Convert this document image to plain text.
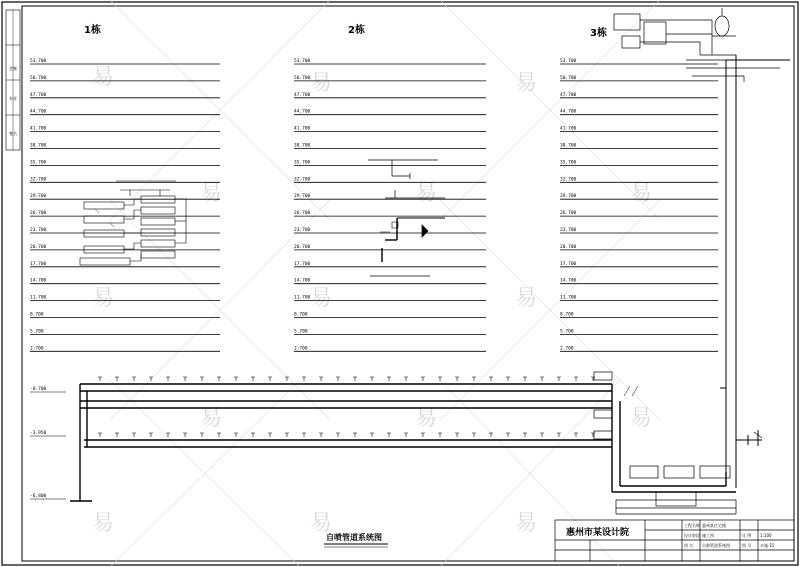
会签
专业
签名
易
易
易
易
易
易
易
易
易
易
易
易
易
易
易
1栋	2栋	3栋
53.700	53.700	53.700
50.700	50.700	50.700
47.700	47.700	47.700
44.700	44.700	44.700
41.700	41.700	41.700
38.700	38.700	38.700
35.700	35.700	35.700
32.700	32.700	32.700
29.700	29.700	29.700
26.700	26.700	26.700
23.700	23.700	23.700
20.700	20.700	20.700
17.700	17.700	17.700
14.700	14.700	14.700
11.700	11.700	11.700
8.700	8.700	8.700
5.700	5.700	5.700
2.700	2.700	2.700
-0.700
-3.950
-6.800
自喷管道系统图	惠州市某设计院
工程名称 惠州某住宅楼
设计阶段 施工图
图 名 自喷管道系统图
比 例 1:100
图 号 水施-15
